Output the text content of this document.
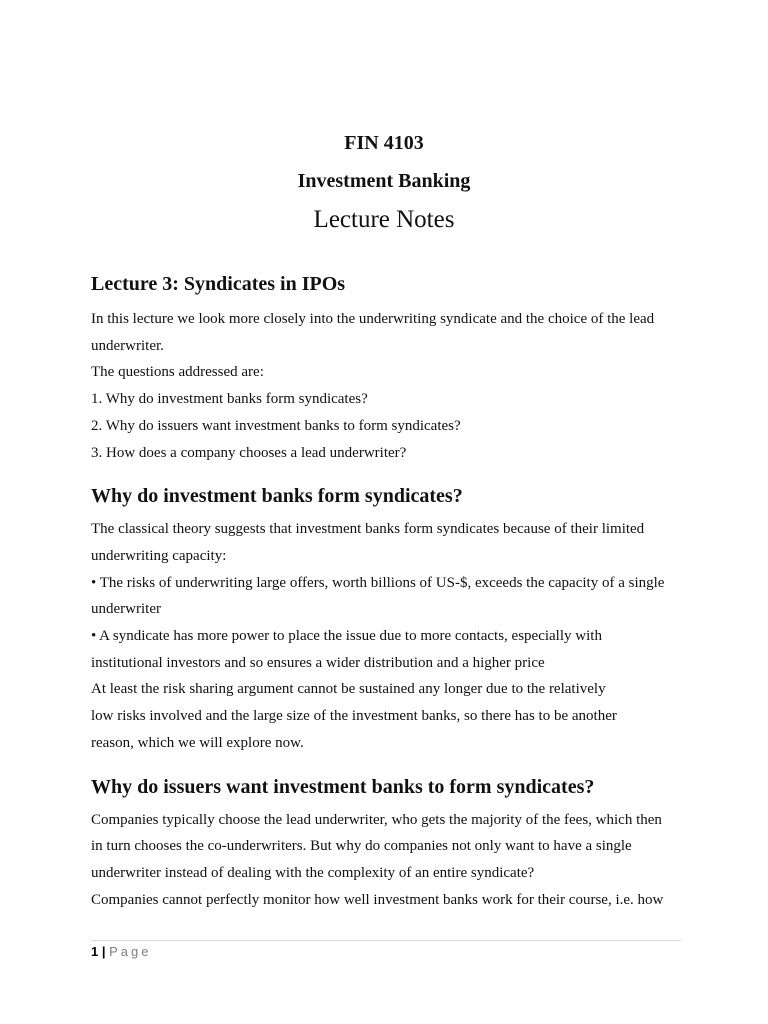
FIN 4103

Investment Banking

Lecture Notes

Lecture 3: Syndicates in IPOs

In this lecture we look more closely into the underwriting syndicate and the choice of the lead

underwriter.

The questions addressed are:

1. Why do investment banks form syndicates?

2. Why do issuers want investment banks to form syndicates?

3. How does a company chooses a lead underwriter?

Why do investment banks form syndicates?

The classical theory suggests that investment banks form syndicates because of their limited

underwriting capacity:

• The risks of underwriting large offers, worth billions of US-$, exceeds the capacity of a single

underwriter

• A syndicate has more power to place the issue due to more contacts, especially with

institutional investors and so ensures a wider distribution and a higher price

At least the risk sharing argument cannot be sustained any longer due to the relatively

low risks involved and the large size of the investment banks, so there has to be another

reason, which we will explore now.

Why do issuers want investment banks to form syndicates?

Companies typically choose the lead underwriter, who gets the majority of the fees, which then

in turn chooses the co-underwriters. But why do companies not only want to have a single

underwriter instead of dealing with the complexity of an entire syndicate?

Companies cannot perfectly monitor how well investment banks work for their course, i.e. how

1 | Page
